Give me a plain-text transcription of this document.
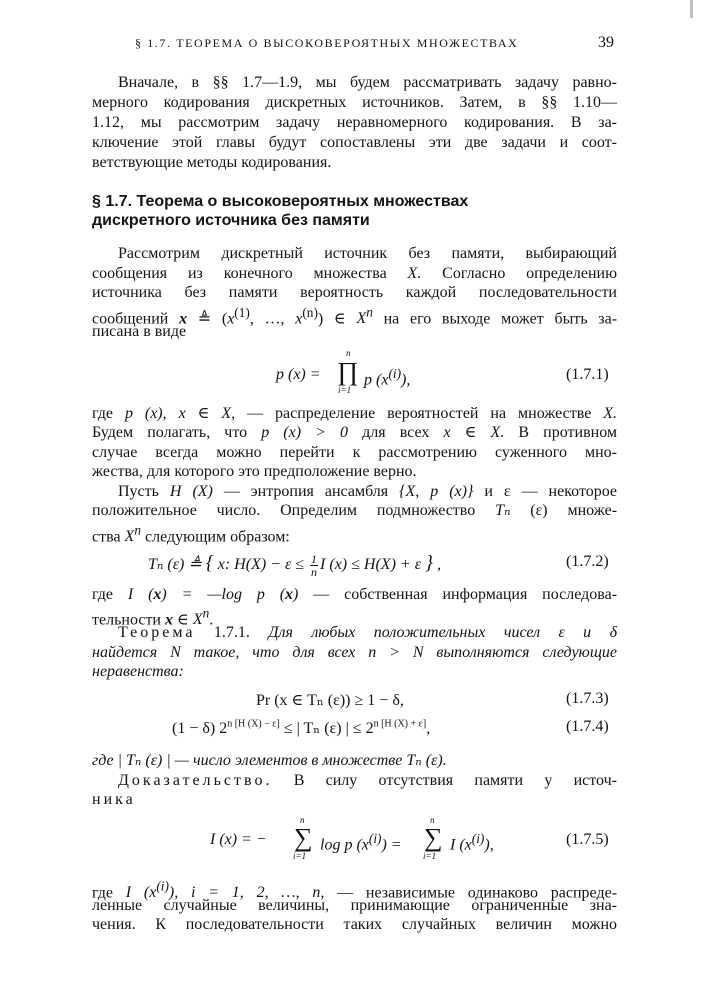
§ 1.7. ТЕОРЕМА О ВЫСОКОВЕРОЯТНЫХ МНОЖЕСТВАХ	39

Вначале, в §§ 1.7—1.9, мы будем рассматривать задачу равно-

мерного кодирования дискретных источников. Затем, в §§ 1.10—

1.12, мы рассмотрим задачу неравномерного кодирования. В за-

ключение этой главы будут сопоставлены эти две задачи и соот-

ветствующие методы кодирования.

§ 1.7. Теорема о высоковероятных множествах
дискретного источника без памяти

Рассмотрим дискретный источник без памяти, выбирающий

сообщения из конечного множества X. Согласно определению

источника без памяти вероятность каждой последовательности

сообщений x ≜ ($x^{(1)}$, …, $x^{(n)}$) ∈ $X^n$ на его выходе может быть за-

писана в виде

p (x) =
n
∏
i=1
p $(x^{(i)})$,	(1.7.1)

где p (x), x ∈ X, — распределение вероятностей на множестве X.

Будем полагать, что p (x) > 0 для всех x ∈ X. В противном

случае всегда можно перейти к рассмотрению суженного мно-

жества, для которого это предположение верно.

Пусть H (X) — энтропия ансамбля {X, p (x)} и ε — некоторое

положительное число. Определим подмножество Tₙ (ε) множе-

ства $X^n$ следующим образом:

Tₙ (ε) ≜ { x: $H(X) - \varepsilon \le \frac{1}{n}$ I (x) ≤ H(X) + ε } ,	(1.7.2)

где I (x) = —log p (x) — собственная информация последова-

тельности x ∈ $X^n$.

Теорема 1.7.1. Для любых положительных чисел ε и δ

найдется N такое, что для всех n > N выполняются следующие

неравенства:

Pr (x ∈ Tₙ (ε)) ≥ 1 − δ,	(1.7.3)
(1 − δ) $2^{n [H (X) - \varepsilon]}$ ≤ | Tₙ (ε) | ≤ $2^{n [H (X) + \varepsilon]}$,	(1.7.4)

где | Tₙ (ε) | — число элементов в множестве Tₙ (ε).

Доказательство. В силу отсутствия памяти у источ-

ника

I (x) = −
n
∑
i=1
log p $(x^{(i)})$ =
n
∑
i=1
I $(x^{(i)})$,	(1.7.5)

где I $(x^{(i)})$, i = 1, 2, …, n, — независимые одинаково распреде-

ленные случайные величины, принимающие ограниченные зна-

чения. К последовательности таких случайных величин можно
